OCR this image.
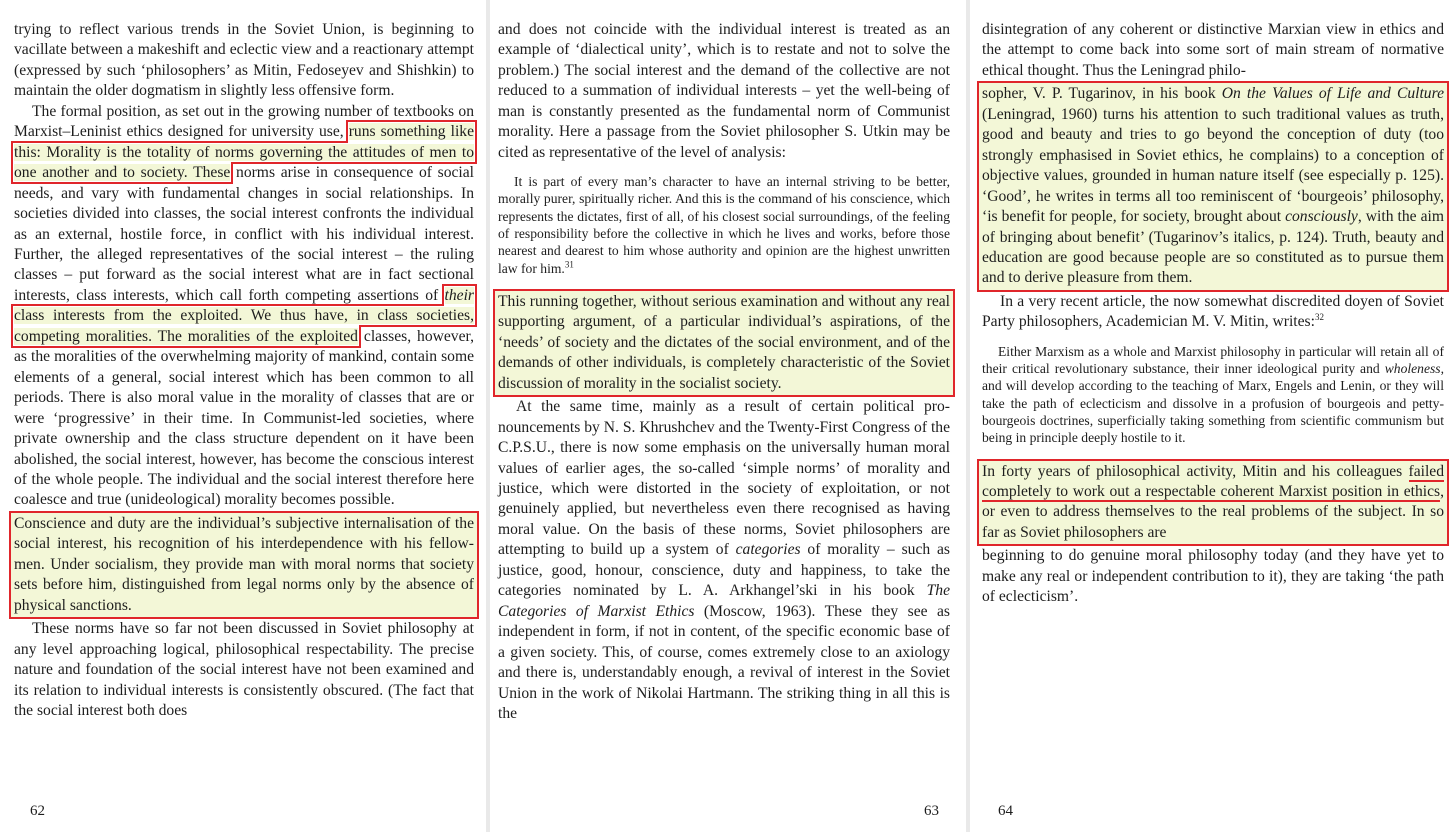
trying to reflect various trends in the Soviet Union, is beginning to vacillate between a makeshift and eclectic view and a reactionary attempt (expressed by such ‘philosophers’ as Mitin, Fedoseyev and Shishkin) to maintain the older dogmatism in slightly less offensive form.

The formal position, as set out in the growing number of textbooks on Marxist–Leninist ethics designed for university use, runs something like this: Morality is the totality of norms governing the attitudes of men to one another and to society. These norms arise in consequence of social needs, and vary with fundamental changes in social relationships. In societies divided into classes, the social interest confronts the individual as an external, hostile force, in conflict with his individual interest. Further, the alleged representatives of the social interest – the ruling classes – put forward as the social interest what are in fact sectional interests, class interests, which call forth competing assertions of their class interests from the exploited. We thus have, in class societies, competing moralities. The moralities of the exploited classes, however, as the moralities of the overwhelming majority of mankind, contain some elements of a general, social interest which has been common to all periods. There is also moral value in the morality of classes that are or were ‘progressive’ in their time. In Communist-led societies, where private ownership and the class structure dependent on it have been abolished, the social interest, however, has become the conscious interest of the whole people. The individual and the social interest therefore here coalesce and true (unideological) morality becomes possible.

Conscience and duty are the individual’s subjective internalisation of the social interest, his recognition of his interdependence with his fellow-men. Under socialism, they provide man with moral norms that society sets before him, distinguished from legal norms only by the absence of physical sanctions.

These norms have so far not been discussed in Soviet philosophy at any level approaching logical, philosophical respectability. The precise nature and foundation of the social interest have not been examined and its relation to individual interests is consistently obscured. (The fact that the social interest both does

62

and does not coincide with the individual interest is treated as an example of ‘dialectical unity’, which is to restate and not to solve the problem.) The social interest and the demand of the collective are not reduced to a summation of individual interests – yet the well-being of man is constantly presented as the fundamental norm of Communist morality. Here a passage from the Soviet philosopher S. Utkin may be cited as representative of the level of analysis:

It is part of every man’s character to have an internal striving to be better, morally purer, spiritually richer. And this is the command of his conscience, which represents the dictates, first of all, of his closest social surroundings, of the feeling of responsibility before the collective in which he lives and works, before those nearest and dearest to him whose authority and opinion are the highest unwritten law for him.$^{31}$

This running together, without serious examination and without any real supporting argument, of a particular individual’s aspirations, of the ‘needs’ of society and the dictates of the social environment, and of the demands of other individuals, is completely characteristic of the Soviet discussion of morality in the socialist society.

At the same time, mainly as a result of certain political pronouncements by N. S. Khrushchev and the Twenty-First Congress of the C.P.S.U., there is now some emphasis on the universally human moral values of earlier ages, the so-called ‘simple norms’ of morality and justice, which were distorted in the society of exploitation, or not genuinely applied, but nevertheless even there recognised as having moral value. On the basis of these norms, Soviet philosophers are attempting to build up a system of categories of morality – such as justice, good, honour, conscience, duty and happiness, to take the categories nominated by L. A. Arkhangel’ski in his book The Categories of Marxist Ethics (Moscow, 1963). These they see as independent in form, if not in content, of the specific economic base of a given society. This, of course, comes extremely close to an axiology and there is, understandably enough, a revival of interest in the Soviet Union in the work of Nikolai Hartmann. The striking thing in all this is the

63

disintegration of any coherent or distinctive Marxian view in ethics and the attempt to come back into some sort of main stream of normative ethical thought. Thus the Leningrad philo-

sopher, V. P. Tugarinov, in his book On the Values of Life and Culture (Leningrad, 1960) turns his attention to such traditional values as truth, good and beauty and tries to go beyond the conception of duty (too strongly emphasised in Soviet ethics, he complains) to a conception of objective values, grounded in human nature itself (see especially p. 125). ‘Good’, he writes in terms all too reminiscent of ‘bourgeois’ philosophy, ‘is benefit for people, for society, brought about consciously, with the aim of bringing about benefit’ (Tugarinov’s italics, p. 124). Truth, beauty and education are good because people are so constituted as to pursue them and to derive pleasure from them.

In a very recent article, the now somewhat discredited doyen of Soviet Party philosophers, Academician M. V. Mitin, writes:$^{32}$

Either Marxism as a whole and Marxist philosophy in particular will retain all of their critical revolutionary substance, their inner ideological purity and wholeness, and will develop according to the teaching of Marx, Engels and Lenin, or they will take the path of eclecticism and dissolve in a profusion of bourgeois and petty-bourgeois doctrines, superficially taking something from scientific communism but being in principle deeply hostile to it.

In forty years of philosophical activity, Mitin and his colleagues failed completely to work out a respectable coherent Marxist position in ethics, or even to address themselves to the real problems of the subject. In so far as Soviet philosophers are

beginning to do genuine moral philosophy today (and they have yet to make any real or independent contribution to it), they are taking ‘the path of eclecticism’.

64
